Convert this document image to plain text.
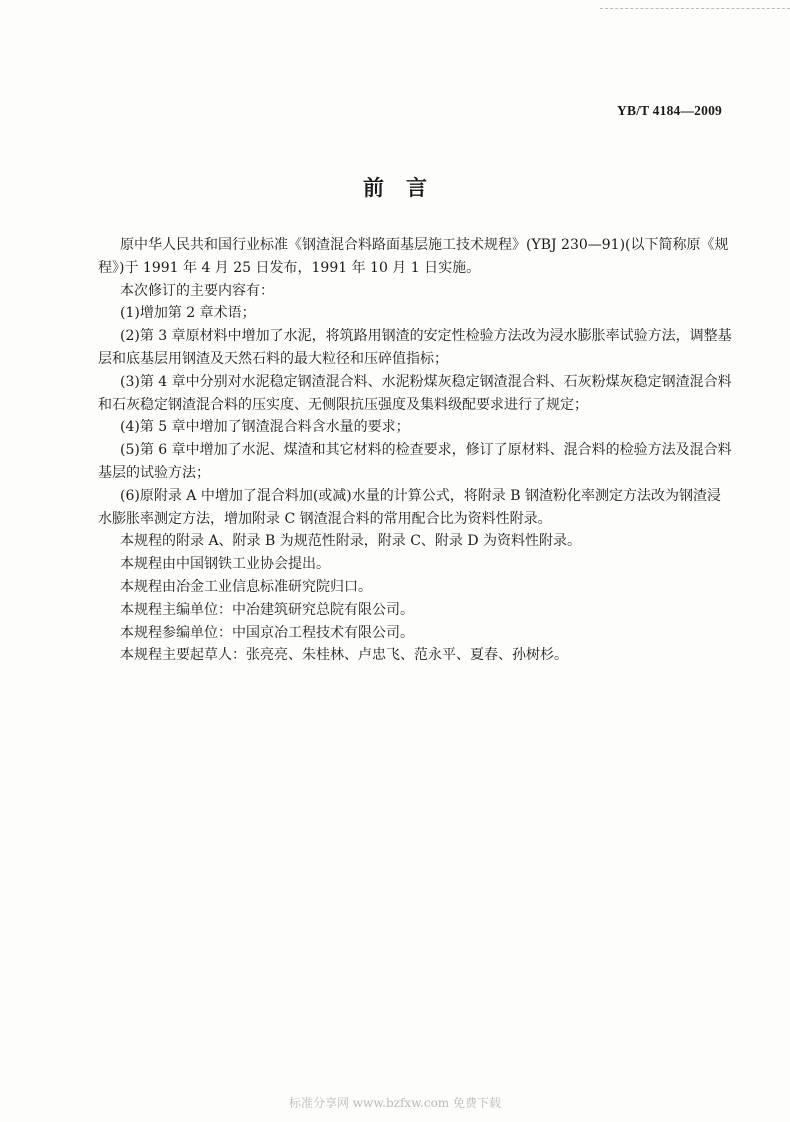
YB/T 4184—2009
前言
原中华人民共和国行业标准《钢渣混合料路面基层施工技术规程》(YBJ 230—91)(以下简称原《规
程》)于 1991 年 4 月 25 日发布，1991 年 10 月 1 日实施。
本次修订的主要内容有：
(1)增加第 2 章术语；
(2)第 3 章原材料中增加了水泥，将筑路用钢渣的安定性检验方法改为浸水膨胀率试验方法，调整基
层和底基层用钢渣及天然石料的最大粒径和压碎值指标；
(3)第 4 章中分别对水泥稳定钢渣混合料、水泥粉煤灰稳定钢渣混合料、石灰粉煤灰稳定钢渣混合料
和石灰稳定钢渣混合料的压实度、无侧限抗压强度及集料级配要求进行了规定；
(4)第 5 章中增加了钢渣混合料含水量的要求；
(5)第 6 章中增加了水泥、煤渣和其它材料的检查要求，修订了原材料、混合料的检验方法及混合料
基层的试验方法；
(6)原附录 A 中增加了混合料加(或减)水量的计算公式，将附录 B 钢渣粉化率测定方法改为钢渣浸
水膨胀率测定方法，增加附录 C 钢渣混合料的常用配合比为资料性附录。
本规程的附录 A、附录 B 为规范性附录，附录 C、附录 D 为资料性附录。
本规程由中国钢铁工业协会提出。
本规程由冶金工业信息标准研究院归口。
本规程主编单位：中冶建筑研究总院有限公司。
本规程参编单位：中国京冶工程技术有限公司。
本规程主要起草人：张亮亮、朱桂林、卢忠飞、范永平、夏春、孙树杉。
标准分享网 www.bzfxw.com 免费下载
